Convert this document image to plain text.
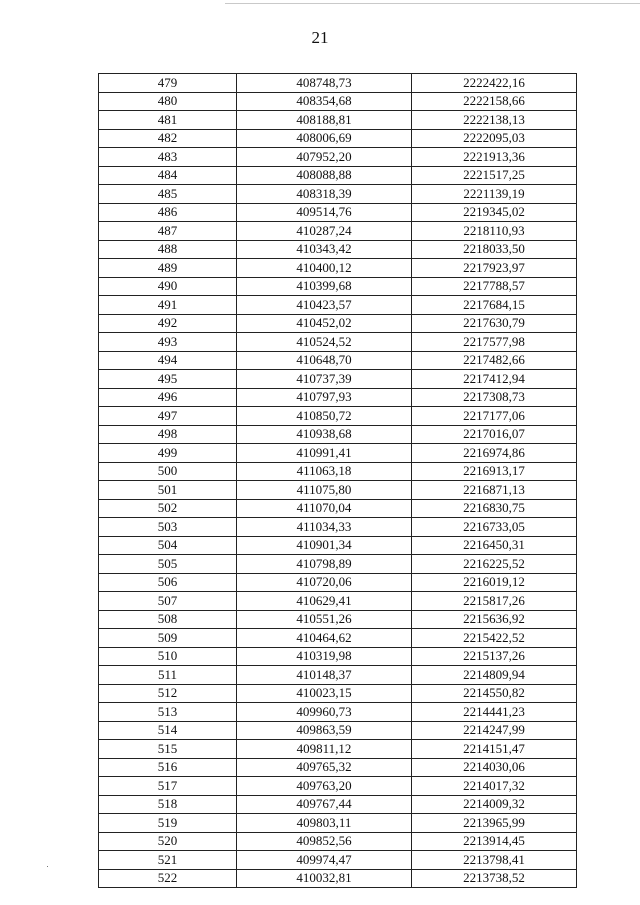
21
479	408748,73	2222422,16
480	408354,68	2222158,66
481	408188,81	2222138,13
482	408006,69	2222095,03
483	407952,20	2221913,36
484	408088,88	2221517,25
485	408318,39	2221139,19
486	409514,76	2219345,02
487	410287,24	2218110,93
488	410343,42	2218033,50
489	410400,12	2217923,97
490	410399,68	2217788,57
491	410423,57	2217684,15
492	410452,02	2217630,79
493	410524,52	2217577,98
494	410648,70	2217482,66
495	410737,39	2217412,94
496	410797,93	2217308,73
497	410850,72	2217177,06
498	410938,68	2217016,07
499	410991,41	2216974,86
500	411063,18	2216913,17
501	411075,80	2216871,13
502	411070,04	2216830,75
503	411034,33	2216733,05
504	410901,34	2216450,31
505	410798,89	2216225,52
506	410720,06	2216019,12
507	410629,41	2215817,26
508	410551,26	2215636,92
509	410464,62	2215422,52
510	410319,98	2215137,26
511	410148,37	2214809,94
512	410023,15	2214550,82
513	409960,73	2214441,23
514	409863,59	2214247,99
515	409811,12	2214151,47
516	409765,32	2214030,06
517	409763,20	2214017,32
518	409767,44	2214009,32
519	409803,11	2213965,99
520	409852,56	2213914,45
521	409974,47	2213798,41
522	410032,81	2213738,52
